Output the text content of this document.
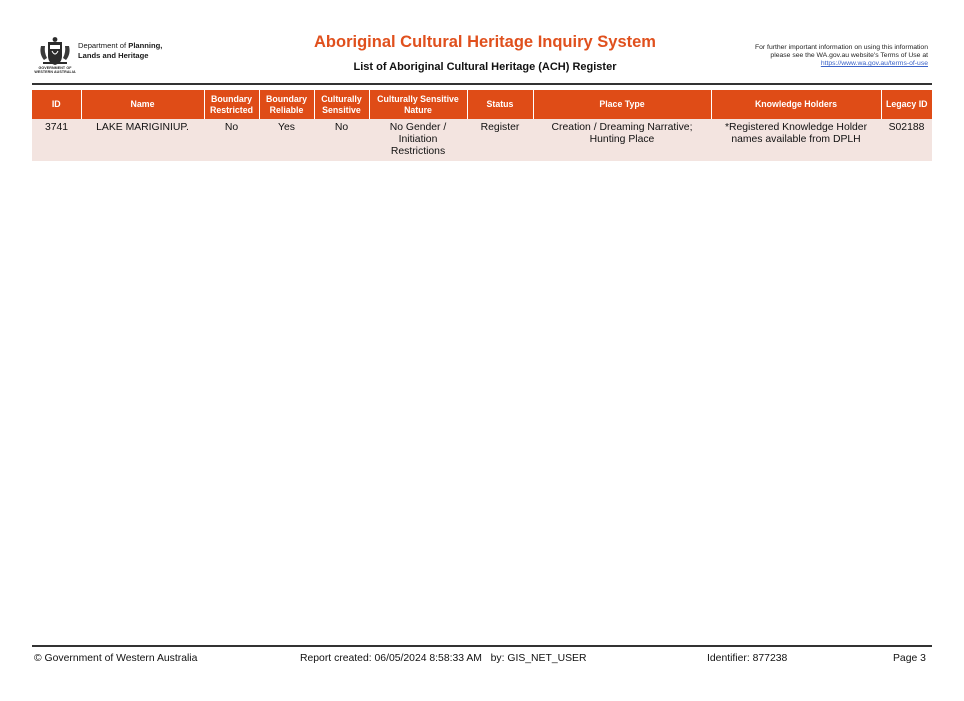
GOVERNMENT OF
WESTERN AUSTRALIA
Department of Planning,
Lands and Heritage
Aboriginal Cultural Heritage Inquiry System
List of Aboriginal Cultural Heritage (ACH) Register
For further important information on using this information
please see the WA.gov.au website's Terms of Use at
https://www.wa.gov.au/terms-of-use
ID	Name	Boundary Restricted	Boundary Reliable	Culturally Sensitive	Culturally Sensitive Nature	Status	Place Type	Knowledge Holders	Legacy ID
3741	LAKE MARIGINIUP.	No	Yes	No	No Gender / Initiation Restrictions	Register	Creation / Dreaming Narrative; Hunting Place	*Registered Knowledge Holder names available from DPLH	S02188
© Government of Western Australia	Report created: 06/05/2024 8:58:33 AM   by: GIS_NET_USER	Identifier: 877238	Page 3
